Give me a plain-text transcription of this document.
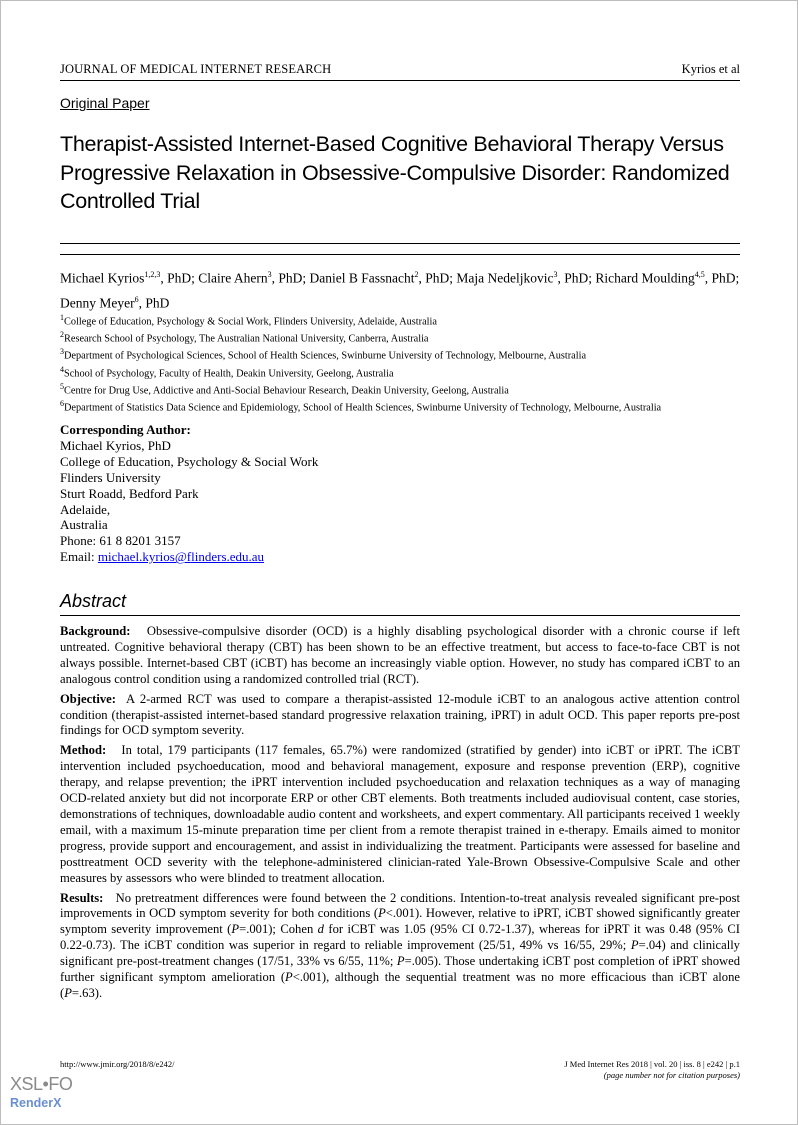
JOURNAL OF MEDICAL INTERNET RESEARCH	Kyrios et al
Original Paper
Therapist-Assisted Internet-Based Cognitive Behavioral Therapy Versus Progressive Relaxation in Obsessive-Compulsive Disorder: Randomized Controlled Trial
Michael Kyrios$^{1,2,3}$, PhD; Claire Ahern$^3$, PhD; Daniel B Fassnacht$^2$, PhD; Maja Nedeljkovic$^3$, PhD; Richard Moulding$^{4,5}$, PhD; Denny Meyer$^6$, PhD
$^1$College of Education, Psychology & Social Work, Flinders University, Adelaide, Australia
$^2$Research School of Psychology, The Australian National University, Canberra, Australia
$^3$Department of Psychological Sciences, School of Health Sciences, Swinburne University of Technology, Melbourne, Australia
$^4$School of Psychology, Faculty of Health, Deakin University, Geelong, Australia
$^5$Centre for Drug Use, Addictive and Anti-Social Behaviour Research, Deakin University, Geelong, Australia
$^6$Department of Statistics Data Science and Epidemiology, School of Health Sciences, Swinburne University of Technology, Melbourne, Australia
Corresponding Author:
Michael Kyrios, PhD
College of Education, Psychology & Social Work
Flinders University
Sturt Roadd, Bedford Park
Adelaide,
Australia
Phone: 61 8 8201 3157
Email: michael.kyrios@flinders.edu.au
Abstract

Background: Obsessive-compulsive disorder (OCD) is a highly disabling psychological disorder with a chronic course if left untreated. Cognitive behavioral therapy (CBT) has been shown to be an effective treatment, but access to face-to-face CBT is not always possible. Internet-based CBT (iCBT) has become an increasingly viable option. However, no study has compared iCBT to an analogous control condition using a randomized controlled trial (RCT).

Objective: A 2-armed RCT was used to compare a therapist-assisted 12-module iCBT to an analogous active attention control condition (therapist-assisted internet-based standard progressive relaxation training, iPRT) in adult OCD. This paper reports pre-post findings for OCD symptom severity.

Method: In total, 179 participants (117 females, 65.7%) were randomized (stratified by gender) into iCBT or iPRT. The iCBT intervention included psychoeducation, mood and behavioral management, exposure and response prevention (ERP), cognitive therapy, and relapse prevention; the iPRT intervention included psychoeducation and relaxation techniques as a way of managing OCD-related anxiety but did not incorporate ERP or other CBT elements. Both treatments included audiovisual content, case stories, demonstrations of techniques, downloadable audio content and worksheets, and expert commentary. All participants received 1 weekly email, with a maximum 15-minute preparation time per client from a remote therapist trained in e-therapy. Emails aimed to monitor progress, provide support and encouragement, and assist in individualizing the treatment. Participants were assessed for baseline and posttreatment OCD severity with the telephone-administered clinician-rated Yale-Brown Obsessive-Compulsive Scale and other measures by assessors who were blinded to treatment allocation.

Results: No pretreatment differences were found between the 2 conditions. Intention-to-treat analysis revealed significant pre-post improvements in OCD symptom severity for both conditions (P<.001). However, relative to iPRT, iCBT showed significantly greater symptom severity improvement (P=.001); Cohen d for iCBT was 1.05 (95% CI 0.72-1.37), whereas for iPRT it was 0.48 (95% CI 0.22-0.73). The iCBT condition was superior in regard to reliable improvement (25/51, 49% vs 16/55, 29%; P=.04) and clinically significant pre-post-treatment changes (17/51, 33% vs 6/55, 11%; P=.005). Those undertaking iCBT post completion of iPRT showed further significant symptom amelioration (P<.001), although the sequential treatment was no more efficacious than iCBT alone (P=.63).

http://www.jmir.org/2018/8/e242/	J Med Internet Res 2018 | vol. 20 | iss. 8 | e242 | p.1
(page number not for citation purposes)
XSL•FO
RenderX
